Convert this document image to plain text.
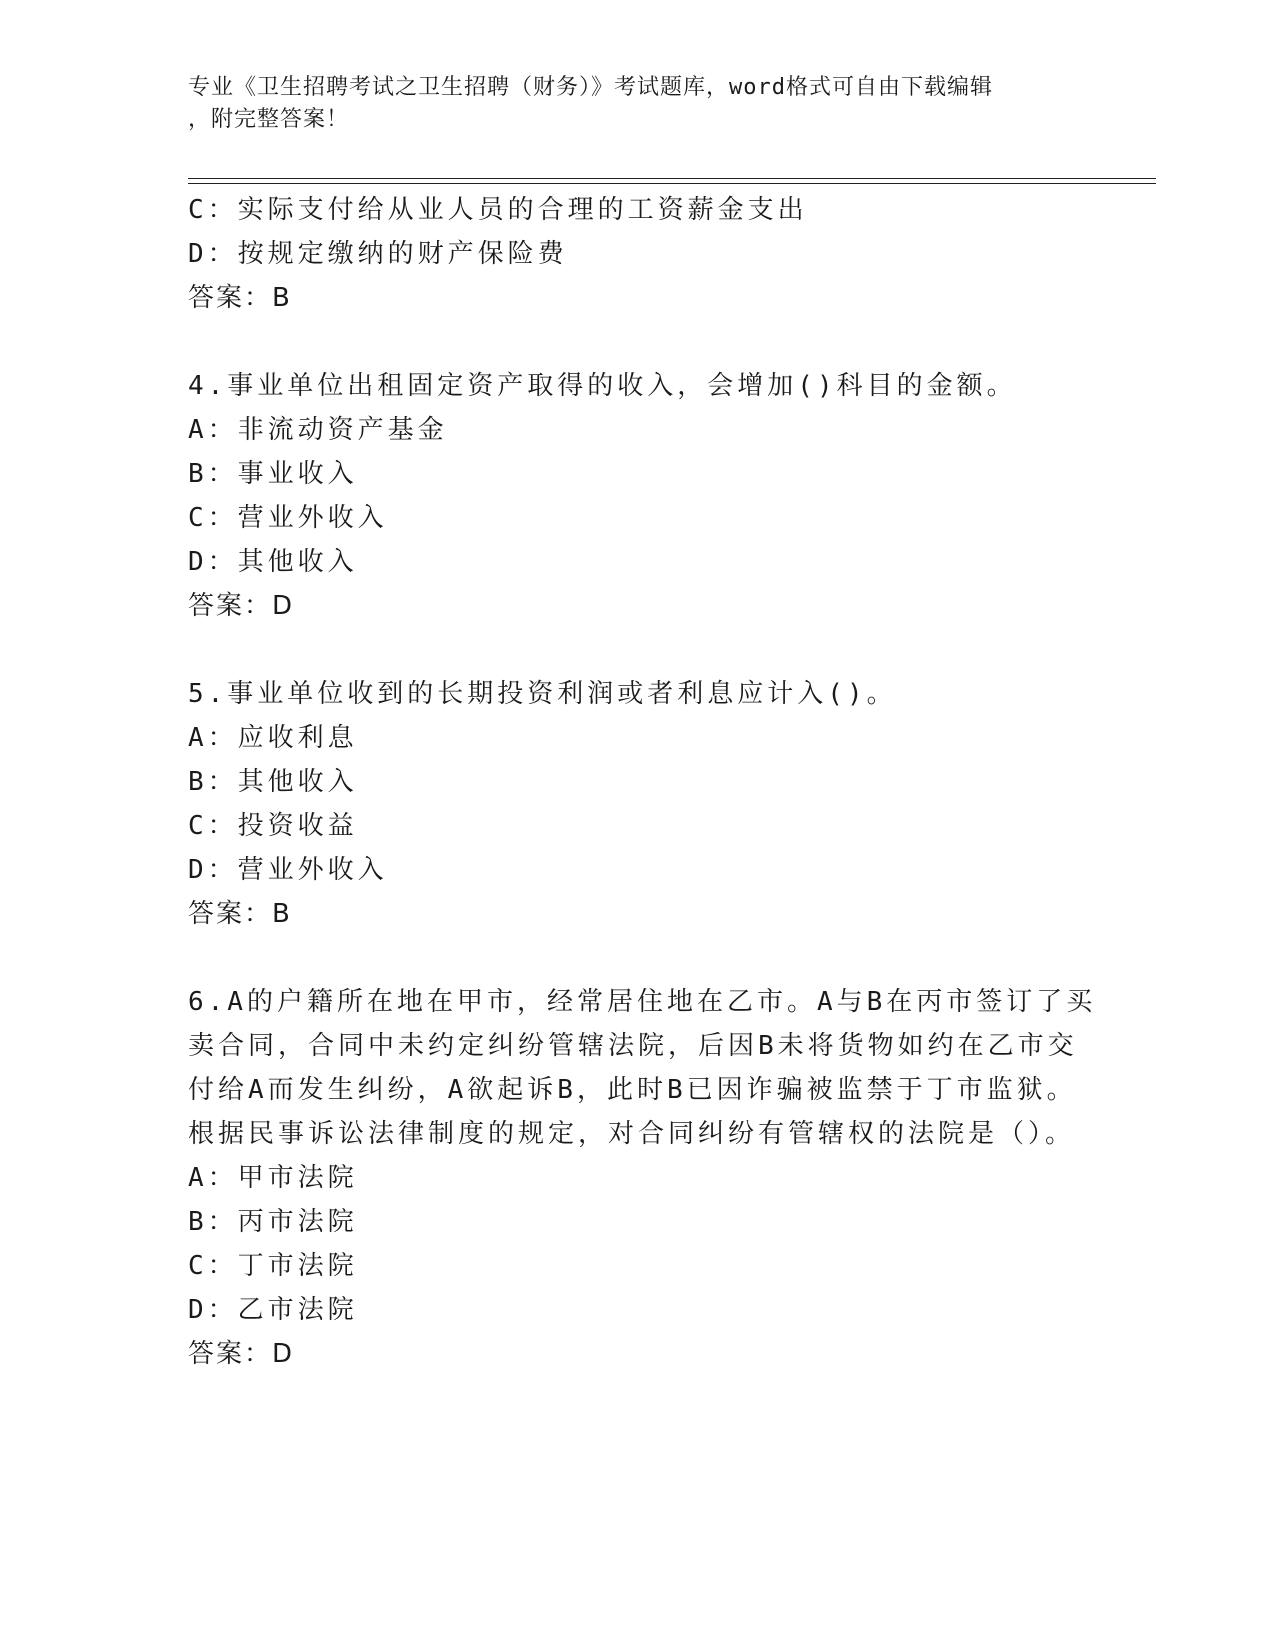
专业《卫生招聘考试之卫生招聘（财务）》考试题库，word格式可自由下载编辑
，附完整答案！
C：实际支付给从业人员的合理的工资薪金支出
D：按规定缴纳的财产保险费
答案：B
4.事业单位出租固定资产取得的收入，会增加()科目的金额。
A：非流动资产基金
B：事业收入
C：营业外收入
D：其他收入
答案：D
5.事业单位收到的长期投资利润或者利息应计入()。
A：应收利息
B：其他收入
C：投资收益
D：营业外收入
答案：B
6.A的户籍所在地在甲市，经常居住地在乙市。A与B在丙市签订了买
卖合同，合同中未约定纠纷管辖法院，后因B未将货物如约在乙市交
付给A而发生纠纷，A欲起诉B，此时B已因诈骗被监禁于丁市监狱。
根据民事诉讼法律制度的规定，对合同纠纷有管辖权的法院是（）。
A：甲市法院
B：丙市法院
C：丁市法院
D：乙市法院
答案：D
